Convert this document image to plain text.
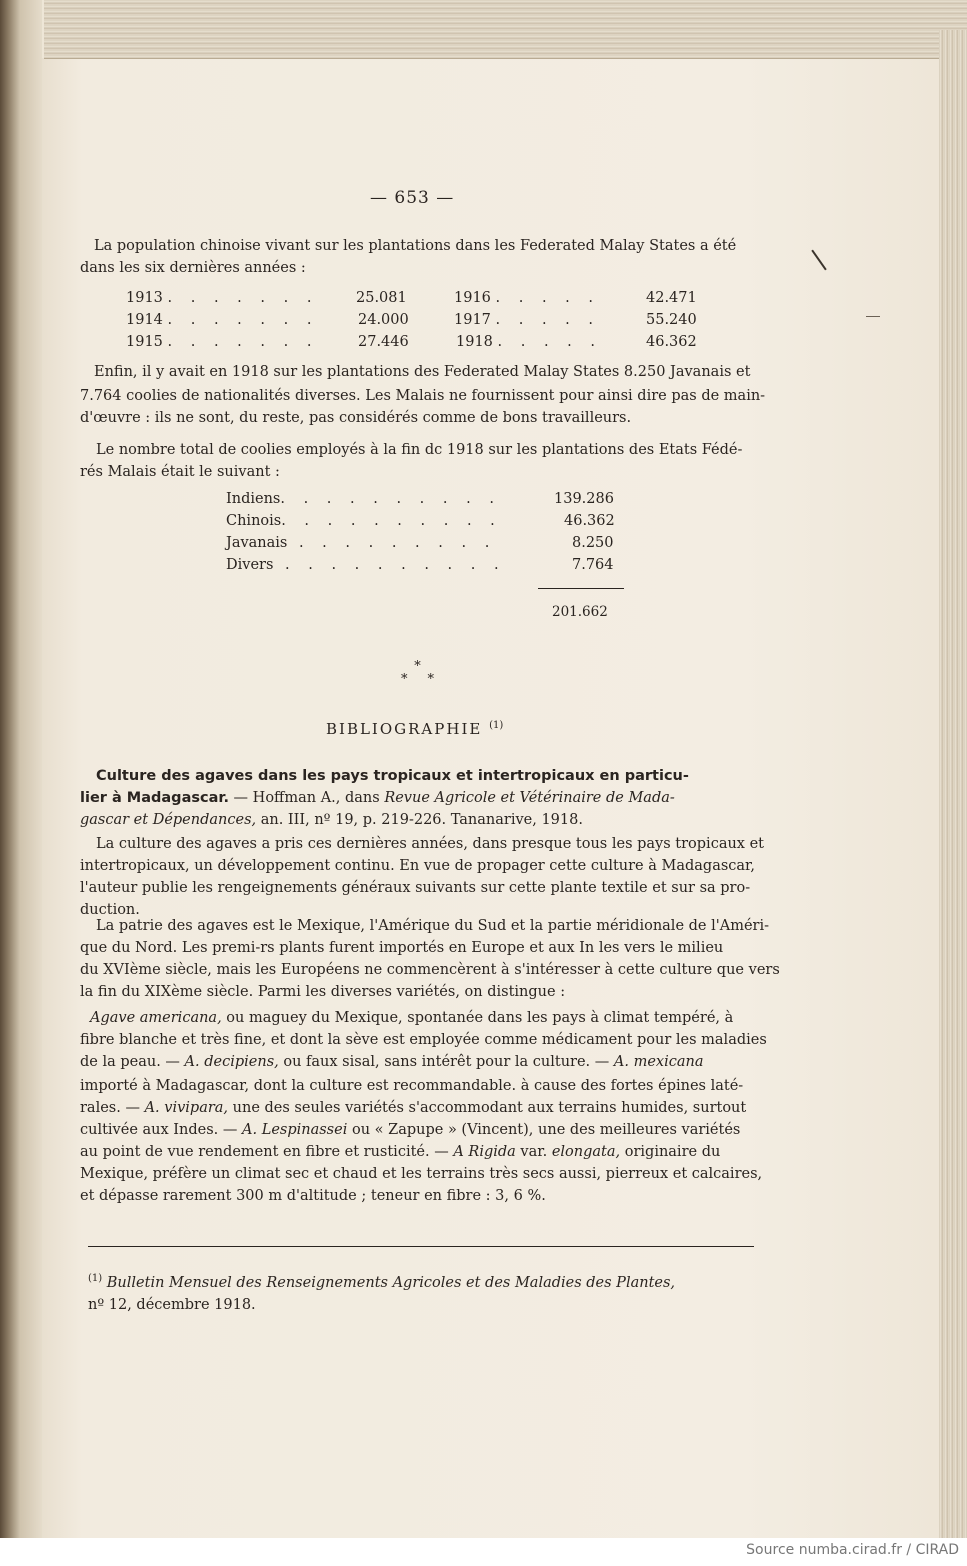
— 653 —
La population chinoise vivant sur les plantations dans les Federated Malay States a été
dans les six dernières années :
1913 . . . . . . .	25.081	1916 . . . . .	42.471
1914 . . . . . . .	24.000	1917 . . . . .	55.240
1915 . . . . . . .	27.446	1918 . . . . .	46.362
Enfin, il y avait en 1918 sur les plantations des Federated Malay States 8.250 Javanais et
7.764 coolies de nationalités diverses. Les Malais ne fournissent pour ainsi dire pas de main-
d'œuvre : ils ne sont, du reste, pas considérés comme de bons travailleurs.
Le nombre total de coolies employés à la fin dc 1918 sur les plantations des Etats Fédé-
rés Malais était le suivant :
Indiens. . . . . . . . . .	139.286
Chinois. . . . . . . . . .	46.362
Javanais . . . . . . . . .	8.250
Divers . . . . . . . . . .	7.764
201.662
*
* *
BIBLIOGRAPHIE $^{(1)}$
Culture des agaves dans les pays tropicaux et intertropicaux en particu-
lier à Madagascar. — Hoffman A., dans Revue Agricole et Vétérinaire de Mada-
gascar et Dépendances, an. III, nº 19, p. 219-226. Tananarive, 1918.
La culture des agaves a pris ces dernières années, dans presque tous les pays tropicaux et
intertropicaux, un développement continu. En vue de propager cette culture à Madagascar,
l'auteur publie les rengeignements généraux suivants sur cette plante textile et sur sa pro-
duction.
La patrie des agaves est le Mexique, l'Amérique du Sud et la partie méridionale de l'Améri-
que du Nord. Les premi-rs plants furent importés en Europe et aux In les vers le milieu
du XVIème siècle, mais les Européens ne commencèrent à s'intéresser à cette culture que vers
la fin du XIXème siècle. Parmi les diverses variétés, on distingue :
Agave americana, ou maguey du Mexique, spontanée dans les pays à climat tempéré, à
fibre blanche et très fine, et dont la sève est employée comme médicament pour les maladies
de la peau. — A. decipiens, ou faux sisal, sans intérêt pour la culture. — A. mexicana
importé à Madagascar, dont la culture est recommandable. à cause des fortes épines laté-
rales. — A. vivipara, une des seules variétés s'accommodant aux terrains humides, surtout
cultivée aux Indes. — A. Lespinassei ou « Zapupe » (Vincent), une des meilleures variétés
au point de vue rendement en fibre et rusticité. — A Rigida var. elongata, originaire du
Mexique, préfère un climat sec et chaud et les terrains très secs aussi, pierreux et calcaires,
et dépasse rarement 300 m d'altitude ; teneur en fibre : 3, 6 %.
$^{(1)}$ Bulletin Mensuel des Renseignements Agricoles et des Maladies des Plantes,
nº 12, décembre 1918.
Source numba.cirad.fr / CIRAD
